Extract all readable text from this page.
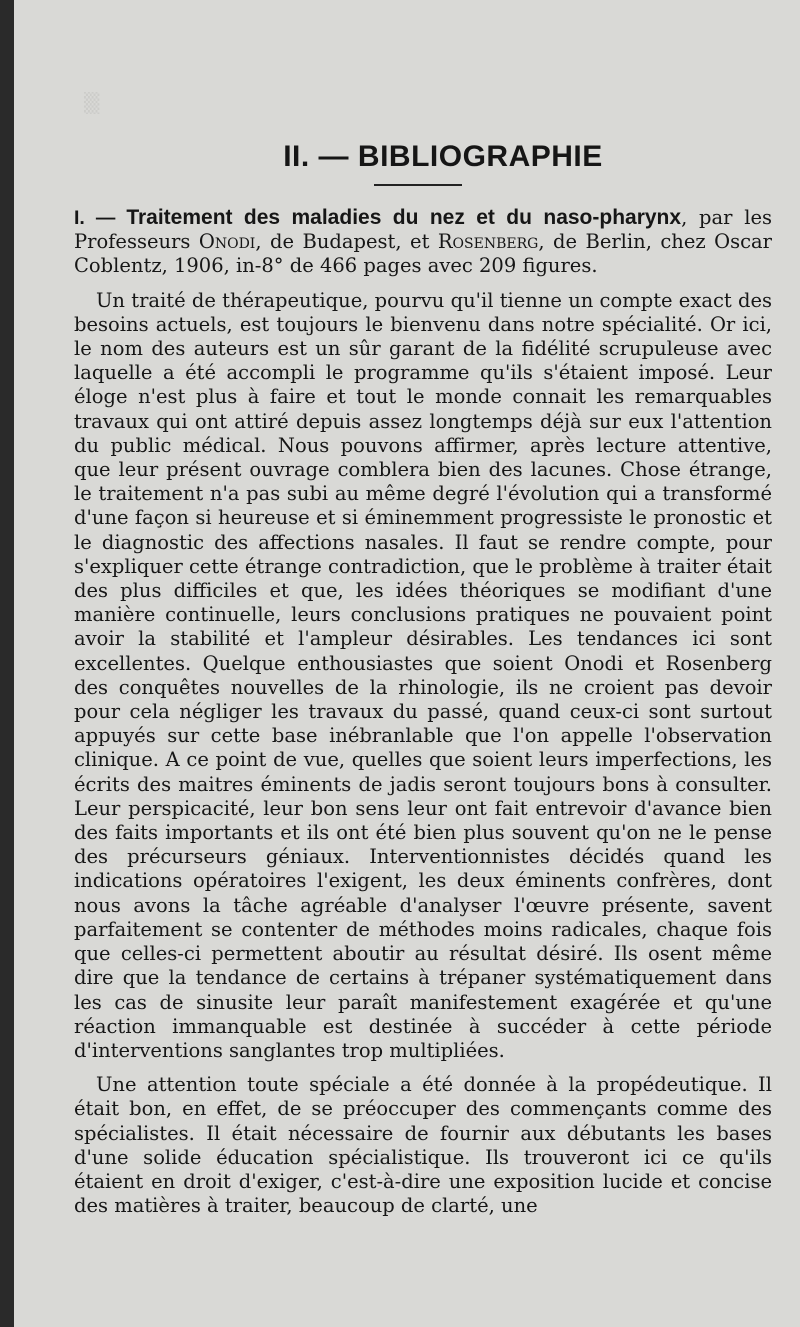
▒
II. — BIBLIOGRAPHIE

I. — Traitement des maladies du nez et du naso-pharynx, par les Professeurs Onodi, de Budapest, et Rosenberg, de Berlin, chez Oscar Coblentz, 1906, in-8° de 466 pages avec 209 figures.

Un traité de thérapeutique, pourvu qu'il tienne un compte exact des besoins actuels, est toujours le bienvenu dans notre spécialité. Or ici, le nom des auteurs est un sûr garant de la fidélité scrupuleuse avec laquelle a été accompli le programme qu'ils s'étaient imposé. Leur éloge n'est plus à faire et tout le monde connait les remarquables travaux qui ont attiré depuis assez longtemps déjà sur eux l'attention du public médical. Nous pouvons affirmer, après lecture attentive, que leur présent ouvrage comblera bien des lacunes. Chose étrange, le traitement n'a pas subi au même degré l'évolution qui a transformé d'une façon si heureuse et si éminemment progressiste le pronostic et le diagnostic des affections nasales. Il faut se rendre compte, pour s'expliquer cette étrange contradiction, que le problème à traiter était des plus difficiles et que, les idées théoriques se modifiant d'une manière continuelle, leurs conclusions pratiques ne pouvaient point avoir la stabilité et l'ampleur désirables. Les tendances ici sont excellentes. Quelque enthousiastes que soient Onodi et Rosenberg des conquêtes nouvelles de la rhinologie, ils ne croient pas devoir pour cela négliger les travaux du passé, quand ceux-ci sont surtout appuyés sur cette base inébranlable que l'on appelle l'observation clinique. A ce point de vue, quelles que soient leurs imperfections, les écrits des maitres éminents de jadis seront toujours bons à consulter. Leur perspicacité, leur bon sens leur ont fait entrevoir d'avance bien des faits importants et ils ont été bien plus souvent qu'on ne le pense des précurseurs géniaux. Interventionnistes décidés quand les indications opératoires l'exigent, les deux éminents confrères, dont nous avons la tâche agréable d'analyser l'œuvre présente, savent parfaitement se contenter de méthodes moins radicales, chaque fois que celles-ci permettent aboutir au résultat désiré. Ils osent même dire que la tendance de certains à trépaner systématiquement dans les cas de sinusite leur paraît manifestement exagérée et qu'une réaction immanquable est destinée à succéder à cette période d'interventions sanglantes trop multipliées.

Une attention toute spéciale a été donnée à la propédeutique. Il était bon, en effet, de se préoccuper des commençants comme des spécialistes. Il était nécessaire de fournir aux débutants les bases d'une solide éducation spécialistique. Ils trouveront ici ce qu'ils étaient en droit d'exiger, c'est-à-dire une exposition lucide et concise des matières à traiter, beaucoup de clarté, une
